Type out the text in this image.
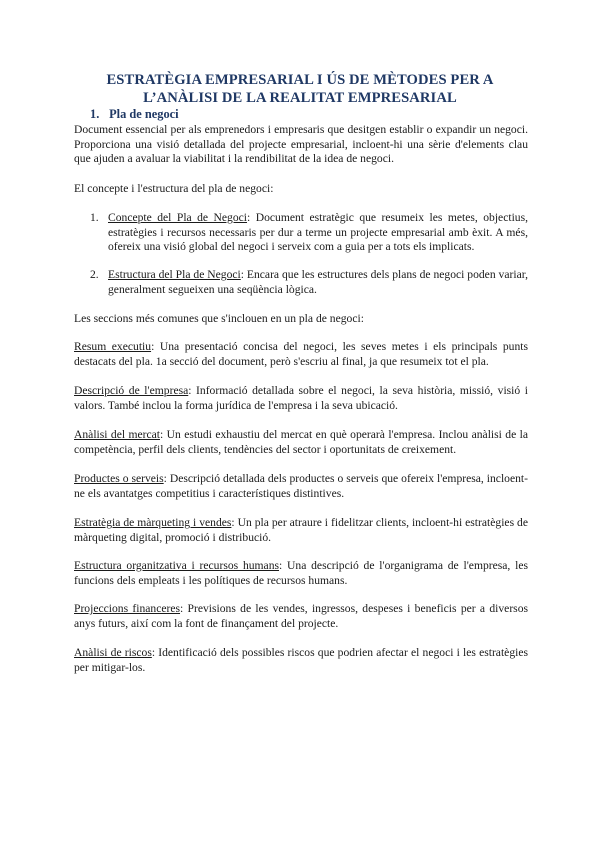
ESTRATÈGIA EMPRESARIAL I ÚS DE MÈTODES PER A
L’ANÀLISI DE LA REALITAT EMPRESARIAL
1. Pla de negoci
Document essencial per als emprenedors i empresaris que desitgen establir o expandir un negoci. Proporciona una visió detallada del projecte empresarial, incloent-hi una sèrie d'elements clau que ajuden a avaluar la viabilitat i la rendibilitat de la idea de negoci.
El concepte i l'estructura del pla de negoci:
1. Concepte del Pla de Negoci: Document estratègic que resumeix les metes, objectius, estratègies i recursos necessaris per dur a terme un projecte empresarial amb èxit. A més, ofereix una visió global del negoci i serveix com a guia per a tots els implicats.
2. Estructura del Pla de Negoci: Encara que les estructures dels plans de negoci poden variar, generalment segueixen una seqüència lògica.
Les seccions més comunes que s'inclouen en un pla de negoci:
Resum executiu: Una presentació concisa del negoci, les seves metes i els principals punts destacats del pla. 1a secció del document, però s'escriu al final, ja que resumeix tot el pla.
Descripció de l'empresa: Informació detallada sobre el negoci, la seva història, missió, visió i valors. També inclou la forma jurídica de l'empresa i la seva ubicació.
Anàlisi del mercat: Un estudi exhaustiu del mercat en què operarà l'empresa. Inclou anàlisi de la competència, perfil dels clients, tendències del sector i oportunitats de creixement.
Productes o serveis: Descripció detallada dels productes o serveis que ofereix l'empresa, incloent-ne els avantatges competitius i característiques distintives.
Estratègia de màrqueting i vendes: Un pla per atraure i fidelitzar clients, incloent-hi estratègies de màrqueting digital, promoció i distribució.
Estructura organitzativa i recursos humans: Una descripció de l'organigrama de l'empresa, les funcions dels empleats i les polítiques de recursos humans.
Projeccions financeres: Previsions de les vendes, ingressos, despeses i beneficis per a diversos anys futurs, així com la font de finançament del projecte.
Anàlisi de riscos: Identificació dels possibles riscos que podrien afectar el negoci i les estratègies per mitigar-los.
